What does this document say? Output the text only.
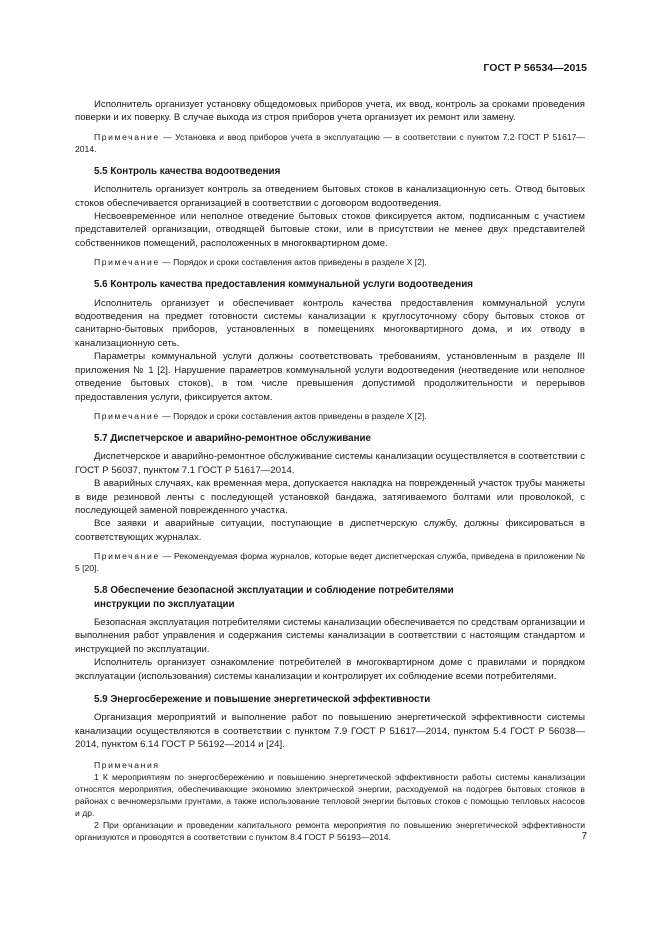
ГОСТ Р 56534—2015

Исполнитель организует установку общедомовых приборов учета, их ввод, контроль за сроками проведения поверки и их поверку. В случае выхода из строя приборов учета организует их ремонт или замену.

Примечание — Установка и ввод приборов учета в эксплуатацию — в соответствии с пунктом 7.2 ГОСТ Р 51617—2014.

5.5 Контроль качества водоотведения

Исполнитель организует контроль за отведением бытовых стоков в канализационную сеть. Отвод бытовых стоков обеспечивается организацией в соответствии с договором водоотведения.

Несвоевременное или неполное отведение бытовых стоков фиксируется актом, подписанным с участием представителей организации, отводящей бытовые стоки, или в присутствии не менее двух представителей собственников помещений, расположенных в многоквартирном доме.

Примечание — Порядок и сроки составления актов приведены в разделе X [2].

5.6 Контроль качества предоставления коммунальной услуги водоотведения

Исполнитель организует и обеспечивает контроль качества предоставления коммунальной услуги водоотведения на предмет готовности системы канализации к круглосуточному сбору бытовых стоков от санитарно-бытовых приборов, установленных в помещениях многоквартирного дома, и их отводу в канализационную сеть.

Параметры коммунальной услуги должны соответствовать требованиям, установленным в разделе III приложения № 1 [2]. Нарушение параметров коммунальной услуги водоотведения (неотведение или неполное отведение бытовых стоков), в том числе превышения допустимой продолжительности и перерывов предоставления услуги, фиксируется актом.

Примечание — Порядок и сроки составления актов приведены в разделе X [2].

5.7 Диспетчерское и аварийно-ремонтное обслуживание

Диспетчерское и аварийно-ремонтное обслуживание системы канализации осуществляется в соответствии с ГОСТ Р 56037, пунктом 7.1 ГОСТ Р 51617—2014.

В аварийных случаях, как временная мера, допускается накладка на поврежденный участок трубы манжеты в виде резиновой ленты с последующей установкой бандажа, затягиваемого болтами или проволокой, с последующей заменой поврежденного участка.

Все заявки и аварийные ситуации, поступающие в диспетчерскую службу, должны фиксироваться в соответствующих журналах.

Примечание — Рекомендуемая форма журналов, которые ведет диспетчерская служба, приведена в приложении № 5 [20].

5.8 Обеспечение безопасной эксплуатации и соблюдение потребителями
инструкции по эксплуатации

Безопасная эксплуатация потребителями системы канализации обеспечивается по средствам организации и выполнения работ управления и содержания системы канализации в соответствии с настоящим стандартом и инструкцией по эксплуатации.

Исполнитель организует ознакомление потребителей в многоквартирном доме с правилами и порядком эксплуатации (использования) системы канализации и контролирует их соблюдение всеми потребителями.

5.9 Энергосбережение и повышение энергетической эффективности

Организация мероприятий и выполнение работ по повышению энергетической эффективности системы канализации осуществляются в соответствии с пунктом 7.9 ГОСТ Р 51617—2014, пунктом 5.4 ГОСТ Р 56038—2014, пунктом 6.14 ГОСТ Р 56192—2014 и [24].

Примечания

1 К мероприятиям по энергосбережению и повышению энергетической эффективности работы системы канализации относятся мероприятия, обеспечивающие экономию электрической энергии, расходуемой на подогрев бытовых стояков в районах с вечномерзлыми грунтами, а также использование тепловой энергии бытовых стоков с помощью тепловых насосов и др.

2 При организации и проведении капитального ремонта мероприятия по повышению энергетической эффективности организуются и проводятся в соответствии с пунктом 8.4 ГОСТ Р 56193—2014.	7
